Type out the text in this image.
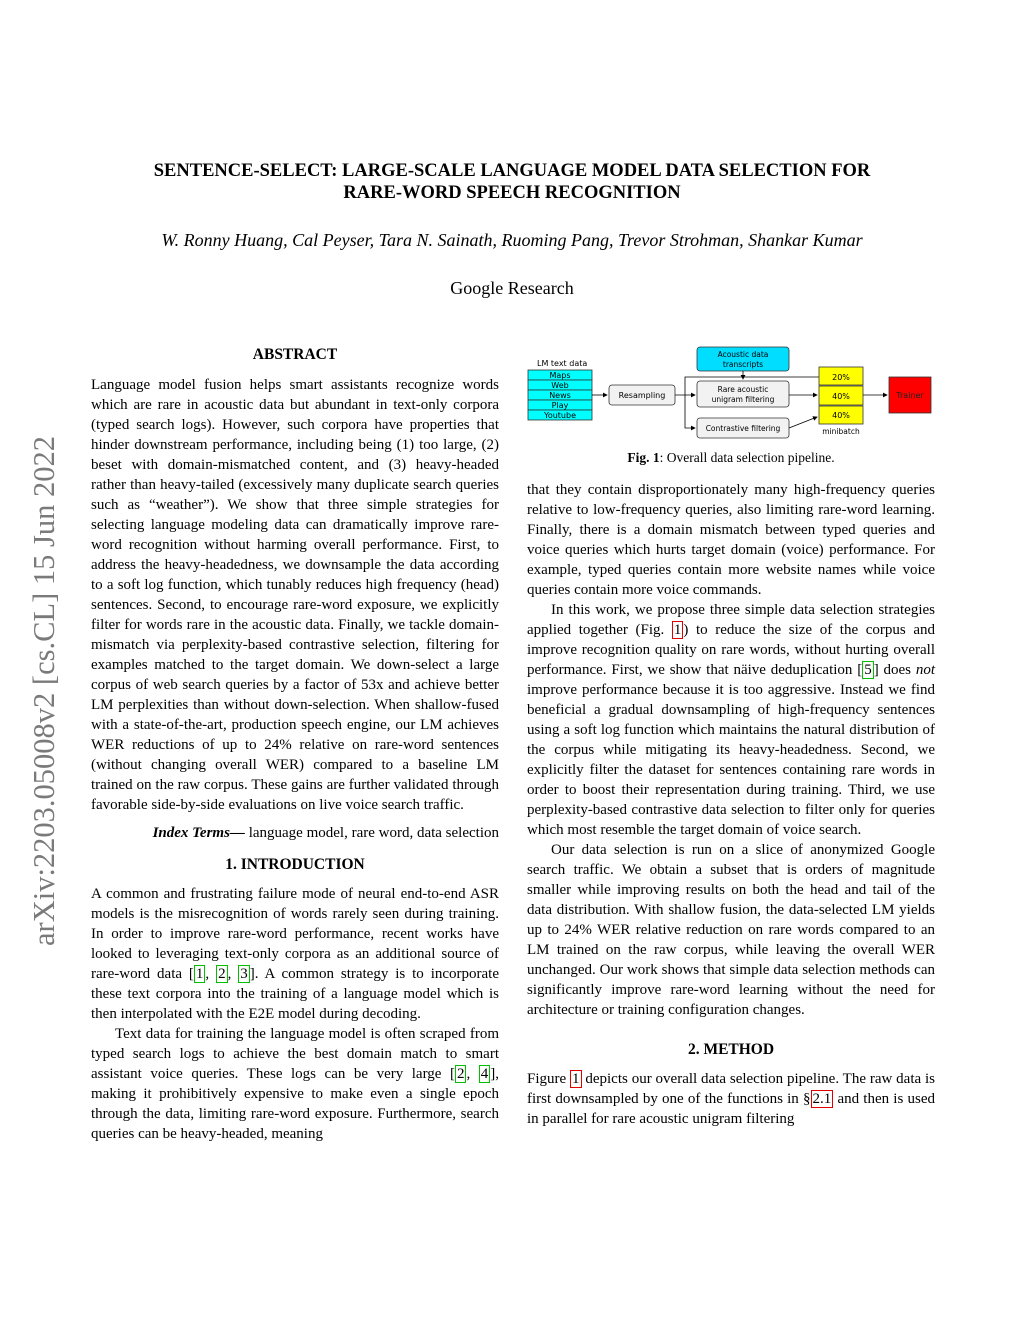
arXiv:2203.05008v2 [cs.CL] 15 Jun 2022
SENTENCE-SELECT: LARGE-SCALE LANGUAGE MODEL DATA SELECTION FOR
RARE-WORD SPEECH RECOGNITION
W. Ronny Huang, Cal Peyser, Tara N. Sainath, Ruoming Pang, Trevor Strohman, Shankar Kumar
Google Research
ABSTRACT

Language model fusion helps smart assistants recognize words which are rare in acoustic data but abundant in text-only corpora (typed search logs). However, such corpora have properties that hinder downstream performance, including being (1) too large, (2) beset with domain-mismatched content, and (3) heavy-headed rather than heavy-tailed (excessively many duplicate search queries such as “weather”). We show that three simple strategies for selecting language modeling data can dramatically improve rare-word recognition without harming overall performance. First, to address the heavy-headedness, we downsample the data according to a soft log function, which tunably reduces high frequency (head) sentences. Second, to encourage rare-word exposure, we explicitly filter for words rare in the acoustic data. Finally, we tackle domain-mismatch via perplexity-based contrastive selection, filtering for examples matched to the target domain. We down-select a large corpus of web search queries by a factor of 53x and achieve better LM perplexities than without down-selection. When shallow-fused with a state-of-the-art, production speech engine, our LM achieves WER reductions of up to 24% relative on rare-word sentences (without changing overall WER) compared to a baseline LM trained on the raw corpus. These gains are further validated through favorable side-by-side evaluations on live voice search traffic.

Index Terms— language model, rare word, data selection

1. INTRODUCTION

A common and frustrating failure mode of neural end-to-end ASR models is the misrecognition of words rarely seen during training. In order to improve rare-word performance, recent works have looked to leveraging text-only corpora as an additional source of rare-word data [ 1 , 2 , 3 ]. A common strategy is to incorporate these text corpora into the training of a language model which is then interpolated with the E2E model during decoding.

Text data for training the language model is often scraped from typed search logs to achieve the best domain match to smart assistant voice queries. These logs can be very large [ 2 , 4 ], making it prohibitively expensive to make even a single epoch through the data, limiting rare-word exposure. Furthermore, search queries can be heavy-headed, meaning

LM text data
Maps
Web
News
Play
Youtube
Resampling
Acoustic data
transcripts
Rare acoustic
unigram filtering
Contrastive filtering
20%
40%
40%
minibatch
Trainer
Fig. 1: Overall data selection pipeline.

that they contain disproportionately many high-frequency queries relative to low-frequency queries, also limiting rare-word learning. Finally, there is a domain mismatch between typed queries and voice queries which hurts target domain (voice) performance. For example, typed queries contain more website names while voice queries contain more voice commands.

In this work, we propose three simple data selection strategies applied together (Fig. 1 ) to reduce the size of the corpus and improve recognition quality on rare words, without hurting overall performance. First, we show that näive deduplication [ 5 ] does not improve performance because it is too aggressive. Instead we find beneficial a gradual downsampling of high-frequency sentences using a soft log function which maintains the natural distribution of the corpus while mitigating its heavy-headedness. Second, we explicitly filter the dataset for sentences containing rare words in order to boost their representation during training. Third, we use perplexity-based contrastive data selection to filter only for queries which most resemble the target domain of voice search.

Our data selection is run on a slice of anonymized Google search traffic. We obtain a subset that is orders of magnitude smaller while improving results on both the head and tail of the data distribution. With shallow fusion, the data-selected LM yields up to 24% WER relative reduction on rare words compared to an LM trained on the raw corpus, while leaving the overall WER unchanged. Our work shows that simple data selection methods can significantly improve rare-word learning without the need for architecture or training configuration changes.

2. METHOD

Figure 1 depicts our overall data selection pipeline. The raw data is first downsampled by one of the functions in § 2.1 and then is used in parallel for rare acoustic unigram filtering
